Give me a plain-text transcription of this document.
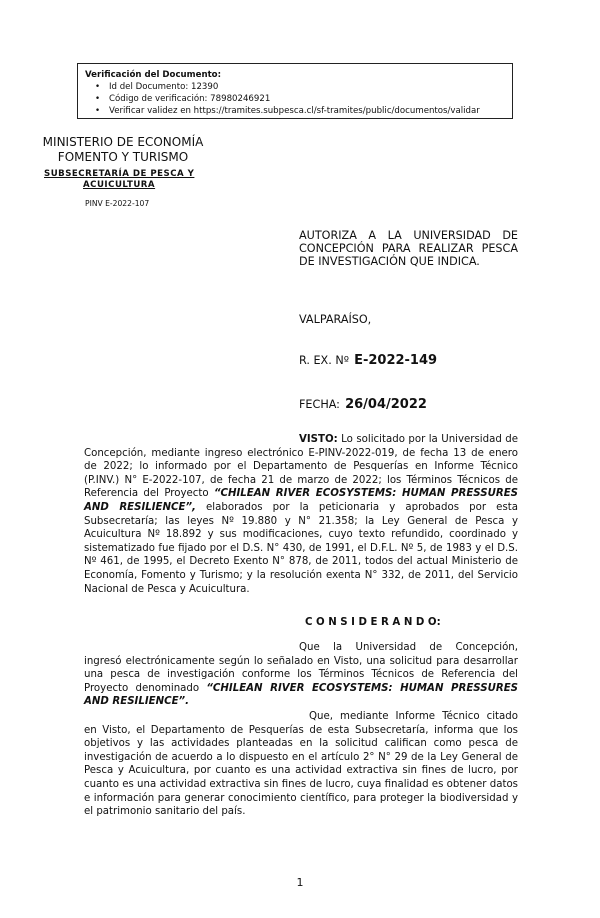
Verificación del Documento:
• Id del Documento: 12390
• Código de verificación: 78980246921
• Verificar validez en https://tramites.subpesca.cl/sf-tramites/public/documentos/validar
MINISTERIO DE ECONOMÍA
FOMENTO Y TURISMO
SUBSECRETARÍA DE PESCA Y
ACUICULTURA
PINV E-2022-107
AUTORIZA A LA UNIVERSIDAD DE
CONCEPCIÓN PARA REALIZAR PESCA
DE INVESTIGACIÓN QUE INDICA.
VALPARAÍSO,
R. EX. Nº E-2022-149
FECHA: 26/04/2022
VISTO: Lo solicitado por la Universidad de Concepción, mediante ingreso electrónico E-PINV-2022-019, de fecha 13 de enero de 2022; lo informado por el Departamento de Pesquerías en Informe Técnico (P.INV.) N° E-2022-107, de fecha 21 de marzo de 2022; los Términos Técnicos de Referencia del Proyecto “CHILEAN RIVER ECOSYSTEMS: HUMAN PRESSURES AND RESILIENCE”, elaborados por la peticionaria y aprobados por esta Subsecretaría; las leyes Nº 19.880 y N° 21.358; la Ley General de Pesca y Acuicultura Nº 18.892 y sus modificaciones, cuyo texto refundido, coordinado y sistematizado fue fijado por el D.S. N° 430, de 1991, el D.F.L. Nº 5, de 1983 y el D.S. Nº 461, de 1995, el Decreto Exento N° 878, de 2011, todos del actual Ministerio de Economía, Fomento y Turismo; y la resolución exenta N° 332, de 2011, del Servicio Nacional de Pesca y Acuicultura.
C O N S I D E R A N D O:
Que la Universidad de Concepción, ingresó electrónicamente según lo señalado en Visto, una solicitud para desarrollar una pesca de investigación conforme los Términos Técnicos de Referencia del Proyecto denominado “CHILEAN RIVER ECOSYSTEMS: HUMAN PRESSURES AND RESILIENCE”.
Que, mediante Informe Técnico citado en Visto, el Departamento de Pesquerías de esta Subsecretaría, informa que los objetivos y las actividades planteadas en la solicitud califican como pesca de investigación de acuerdo a lo dispuesto en el artículo 2° N° 29 de la Ley General de Pesca y Acuicultura, por cuanto es una actividad extractiva sin fines de lucro, por cuanto es una actividad extractiva sin fines de lucro, cuya finalidad es obtener datos e información para generar conocimiento científico, para proteger la biodiversidad y el patrimonio sanitario del país.
1
